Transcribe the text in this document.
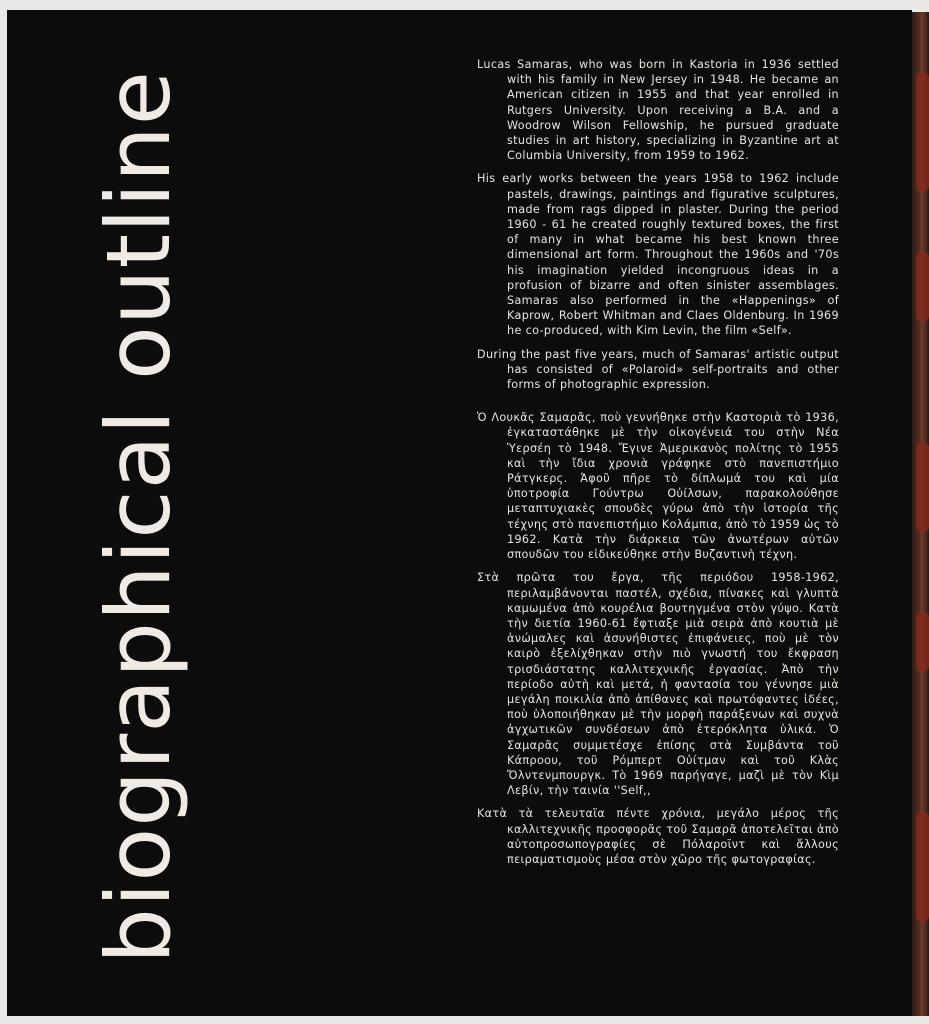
biographical outline

Lucas Samaras, who was born in Kastoria in 1936 settled with his family in New Jersey in 1948. He became an American citizen in 1955 and that year enrolled in Rutgers University. Upon receiving a B.A. and a Woodrow Wilson Fellowship, he pursued graduate studies in art history, specializing in Byzantine art at Columbia University, from 1959 to 1962.

His early works between the years 1958 to 1962 include pastels, drawings, paintings and figurative sculptures, made from rags dipped in plaster. During the period 1960 - 61 he created roughly textured boxes, the first of many in what became his best known three dimensional art form. Throughout the 1960s and '70s his imagination yielded incongruous ideas in a profusion of bizarre and often sinister assemblages. Samaras also performed in the «Happenings» of Kaprow, Robert Whitman and Claes Oldenburg. In 1969 he co-produced, with Kim Levin, the film «Self».

During the past five years, much of Samaras' artistic output has consisted of «Polaroid» self-portraits and other forms of photographic expression.

Ὁ Λουκᾶς Σαμαρᾶς, ποὺ γεννήθηκε στὴν Καστοριὰ τὸ 1936, ἐγκαταστάθηκε μὲ τὴν οἰκογένειά του στὴν Νέα Ὑερσέη τὸ 1948. Ἔγινε Ἀμερικανὸς πολίτης τὸ 1955 καὶ τὴν ἴδια χρονιὰ γράφηκε στὸ πανεπιστήμιο Ράτγκερς. Ἀφοῦ πῆρε τὸ δίπλωμά του καὶ μία ὑποτροφία Γούντρω Οὐίλσων, παρακολούθησε μεταπτυχιακὲς σπουδὲς γύρω ἀπὸ τὴν ἱστορία τῆς τέχνης στὸ πανεπιστήμιο Κολάμπια, ἀπὸ τὸ 1959 ὡς τὸ 1962. Κατὰ τὴν διάρκεια τῶν ἀνωτέρων αὐτῶν σπουδῶν του εἰδικεύθηκε στὴν Βυζαντινὴ τέχνη.

Στὰ πρῶτα του ἔργα, τῆς περιόδου 1958-1962, περιλαμβάνονται παστέλ, σχέδια, πίνακες καὶ γλυπτὰ καμωμένα ἀπὸ κουρέλια βουτηγμένα στὸν γύψο. Κατὰ τὴν διετία 1960-61 ἔφτιαξε μιὰ σειρὰ ἀπὸ κουτιὰ μὲ ἀνώμαλες καὶ ἀσυνήθιστες ἐπιφάνειες, ποὺ μὲ τὸν καιρὸ ἐξελίχθηκαν στὴν πιὸ γνωστή του ἔκφραση τρισδιάστατης καλλιτεχνικῆς ἐργασίας. Ἀπὸ τὴν περίοδο αὐτὴ καὶ μετά, ἡ φαντασία του γέννησε μιὰ μεγάλη ποικιλία ἀπὸ ἀπίθανες καὶ πρωτόφαντες ἰδέες, ποὺ ὑλοποιήθηκαν μὲ τὴν μορφὴ παράξενων καὶ συχνὰ ἀγχωτικῶν συνδέσεων ἀπὸ ἑτερόκλητα ὑλικά. Ὁ Σαμαρᾶς συμμετέσχε ἐπίσης στὰ Συμβάντα τοῦ Κάπροου, τοῦ Ρόμπερτ Οὐίτμαν καὶ τοῦ Κλὰς Ὄλντενμπουργκ. Τὸ 1969 παρήγαγε, μαζὶ μὲ τὸν Κὶμ Λεβίν, τὴν ταινία ''Self,,

Κατὰ τὰ τελευταῖα πέντε χρόνια, μεγάλο μέρος τῆς καλλιτεχνικῆς προσφορᾶς τοῦ Σαμαρᾶ ἀποτελεῖται ἀπὸ αὐτοπροσωπογραφίες σὲ Πόλαροϊντ καὶ ἄλλους πειραματισμοὺς μέσα στὸν χῶρο τῆς φωτογραφίας.
